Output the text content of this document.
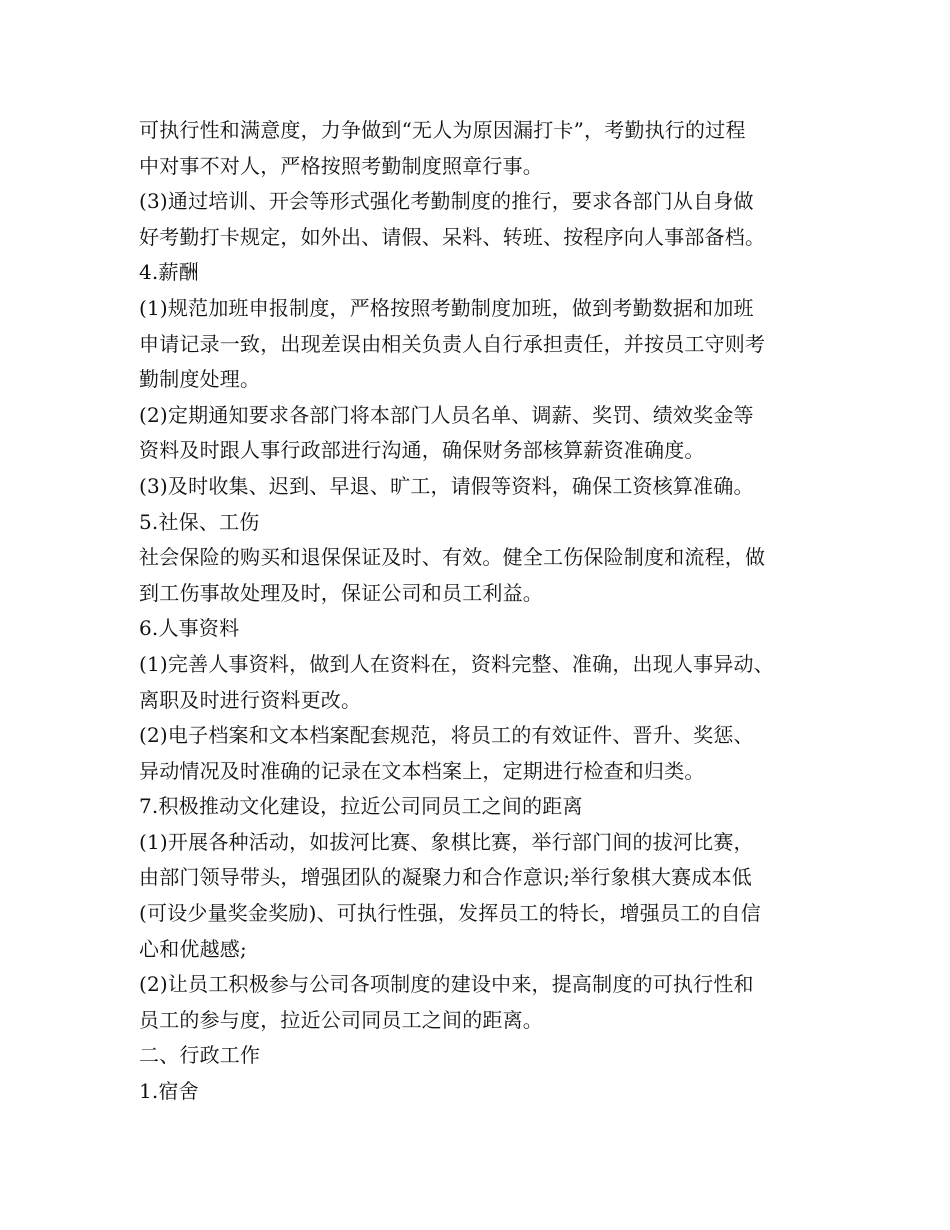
可执行性和满意度，力争做到“无人为原因漏打卡”，考勤执行的过程
中对事不对人，严格按照考勤制度照章行事。
(3)通过培训、开会等形式强化考勤制度的推行，要求各部门从自身做
好考勤打卡规定，如外出、请假、呆料、转班、按程序向人事部备档。
4.薪酬
(1)规范加班申报制度，严格按照考勤制度加班，做到考勤数据和加班
申请记录一致，出现差误由相关负责人自行承担责任，并按员工守则考
勤制度处理。
(2)定期通知要求各部门将本部门人员名单、调薪、奖罚、绩效奖金等
资料及时跟人事行政部进行沟通，确保财务部核算薪资准确度。
(3)及时收集、迟到、早退、旷工，请假等资料，确保工资核算准确。
5.社保、工伤
社会保险的购买和退保保证及时、有效。健全工伤保险制度和流程，做
到工伤事故处理及时，保证公司和员工利益。
6.人事资料
(1)完善人事资料，做到人在资料在，资料完整、准确，出现人事异动、
离职及时进行资料更改。
(2)电子档案和文本档案配套规范，将员工的有效证件、晋升、奖惩、
异动情况及时准确的记录在文本档案上，定期进行检查和归类。
7.积极推动文化建设，拉近公司同员工之间的距离
(1)开展各种活动，如拔河比赛、象棋比赛，举行部门间的拔河比赛，
由部门领导带头，增强团队的凝聚力和合作意识;举行象棋大赛成本低
(可设少量奖金奖励)、可执行性强，发挥员工的特长，增强员工的自信
心和优越感;
(2)让员工积极参与公司各项制度的建设中来，提高制度的可执行性和
员工的参与度，拉近公司同员工之间的距离。
二、行政工作
1.宿舍
